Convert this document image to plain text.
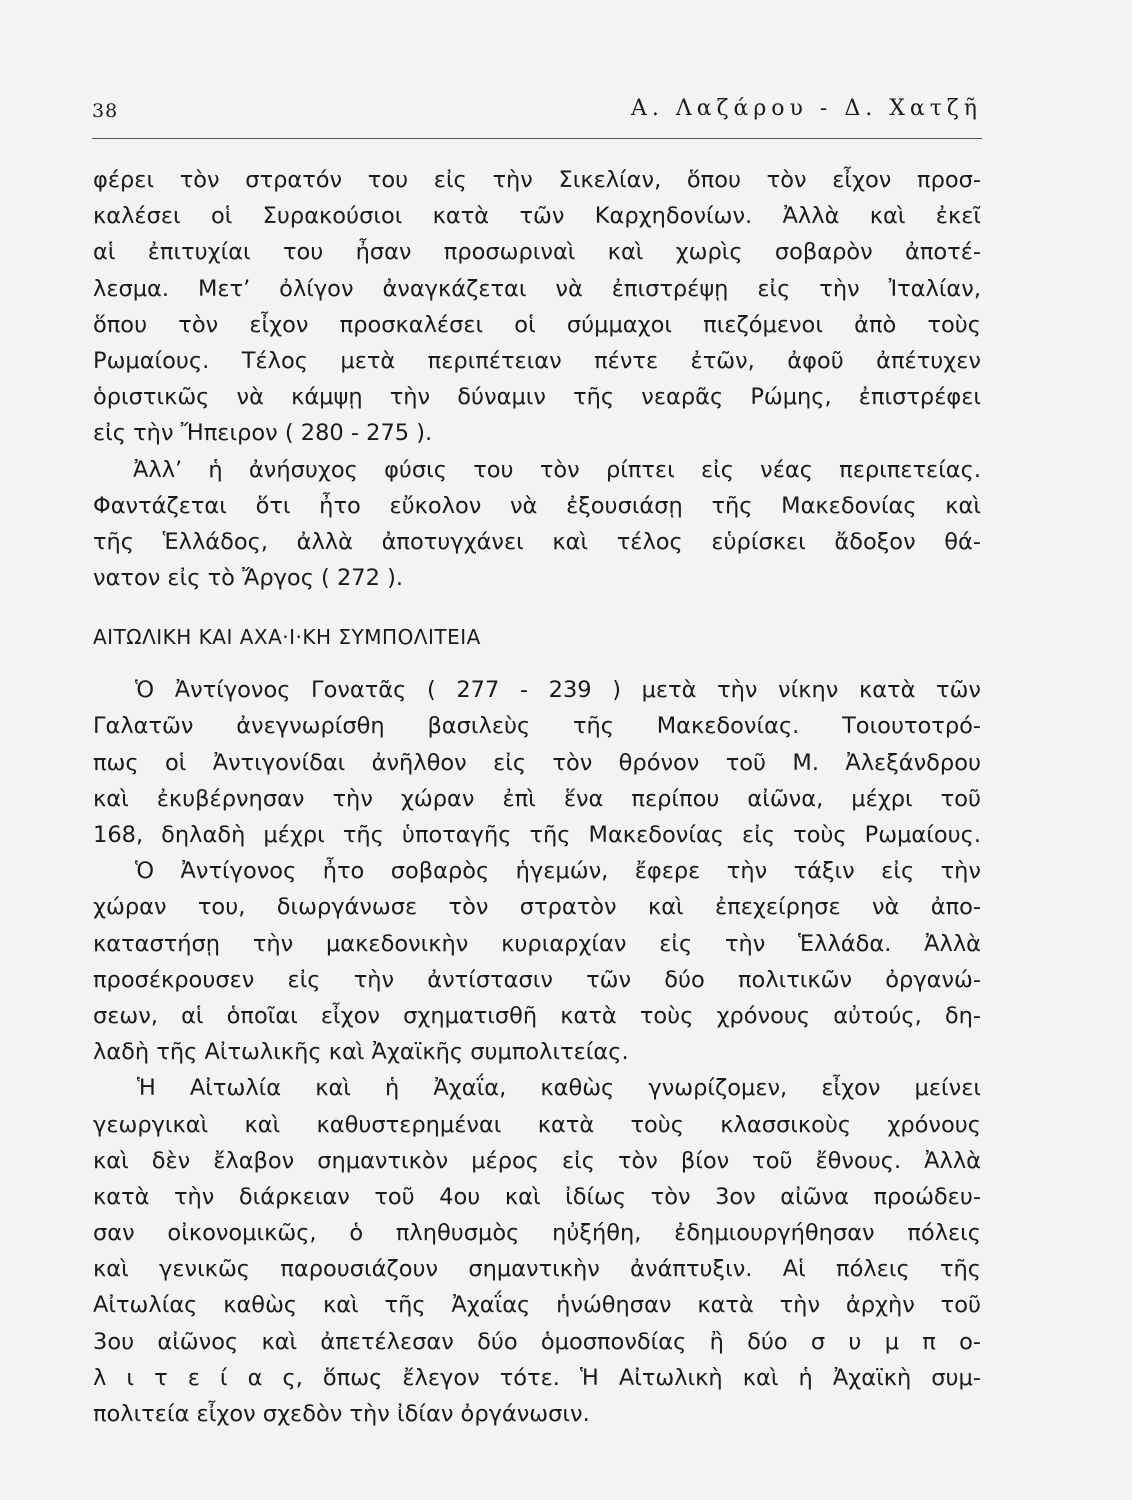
38	Α. Λαζάρου - Δ. Χατζῆ
φέρει τὸν στρατόν του εἰς τὴν Σικελίαν, ὅπου τὸν εἶχον προσ-
καλέσει οἱ Συρακούσιοι κατὰ τῶν Καρχηδονίων. Ἀλλὰ καὶ ἐκεῖ
αἱ ἐπιτυχίαι του ἦσαν προσωριναὶ καὶ χωρὶς σοβαρὸν ἀποτέ-
λεσμα. Μετ’ ὀλίγον ἀναγκάζεται νὰ ἐπιστρέψῃ εἰς τὴν Ἰταλίαν,
ὅπου τὸν εἶχον προσκαλέσει οἱ σύμμαχοι πιεζόμενοι ἀπὸ τοὺς
Ρωμαίους. Τέλος μετὰ περιπέτειαν πέντε ἐτῶν, ἀφοῦ ἀπέτυχεν
ὁριστικῶς νὰ κάμψῃ τὴν δύναμιν τῆς νεαρᾶς Ρώμης, ἐπιστρέφει
εἰς τὴν Ἤπειρον ( 280 - 275 ).
Ἀλλ’ ἡ ἀνήσυχος φύσις του τὸν ρίπτει εἰς νέας περιπετείας.
Φαντάζεται ὅτι ἦτο εὔκολον νὰ ἐξουσιάσῃ τῆς Μακεδονίας καὶ
τῆς Ἑλλάδος, ἀλλὰ ἀποτυγχάνει καὶ τέλος εὑρίσκει ἄδοξον θά-
νατον εἰς τὸ Ἄργος ( 272 ).
ΑΙΤΩΛΙΚΗ ΚΑΙ ΑΧΑ·Ι·ΚΗ ΣΥΜΠΟΛΙΤΕΙΑ
Ὁ Ἀντίγονος Γονατᾶς ( 277 - 239 ) μετὰ τὴν νίκην κατὰ τῶν
Γαλατῶν ἀνεγνωρίσθη βασιλεὺς τῆς Μακεδονίας. Τοιουτοτρό-
πως οἱ Ἀντιγονίδαι ἀνῆλθον εἰς τὸν θρόνον τοῦ Μ. Ἀλεξάνδρου
καὶ ἐκυβέρνησαν τὴν χώραν ἐπὶ ἕνα περίπου αἰῶνα, μέχρι τοῦ
168, δηλαδὴ μέχρι τῆς ὑποταγῆς τῆς Μακεδονίας εἰς τοὺς Ρωμαίους.
Ὁ Ἀντίγονος ἦτο σοβαρὸς ἡγεμών, ἔφερε τὴν τάξιν εἰς τὴν
χώραν του, διωργάνωσε τὸν στρατὸν καὶ ἐπεχείρησε νὰ ἀπο-
καταστήσῃ τὴν μακεδονικὴν κυριαρχίαν εἰς τὴν Ἑλλάδα. Ἀλλὰ
προσέκρουσεν εἰς τὴν ἀντίστασιν τῶν δύο πολιτικῶν ὀργανώ-
σεων, αἱ ὁποῖαι εἶχον σχηματισθῆ κατὰ τοὺς χρόνους αὐτούς, δη-
λαδὴ τῆς Αἰτωλικῆς καὶ Ἀχαϊκῆς συμπολιτείας.
Ἡ Αἰτωλία καὶ ἡ Ἀχαΐα, καθὼς γνωρίζομεν, εἶχον μείνει
γεωργικαὶ καὶ καθυστερημέναι κατὰ τοὺς κλασσικοὺς χρόνους
καὶ δὲν ἔλαβον σημαντικὸν μέρος εἰς τὸν βίον τοῦ ἔθνους. Ἀλλὰ
κατὰ τὴν διάρκειαν τοῦ 4ου καὶ ἰδίως τὸν 3ον αἰῶνα προώδευ-
σαν οἰκονομικῶς, ὁ πληθυσμὸς ηὐξήθη, ἐδημιουργήθησαν πόλεις
καὶ γενικῶς παρουσιάζουν σημαντικὴν ἀνάπτυξιν. Αἱ πόλεις τῆς
Αἰτωλίας καθὼς καὶ τῆς Ἀχαΐας ἡνώθησαν κατὰ τὴν ἀρχὴν τοῦ
3ου αἰῶνος καὶ ἀπετέλεσαν δύο ὁμοσπονδίας ἢ δύο σ υ μ π ο-
λ ι τ ε ί α ς, ὅπως ἔλεγον τότε. Ἡ Αἰτωλικὴ καὶ ἡ Ἀχαϊκὴ συμ-
πολιτεία εἶχον σχεδὸν τὴν ἰδίαν ὀργάνωσιν.
